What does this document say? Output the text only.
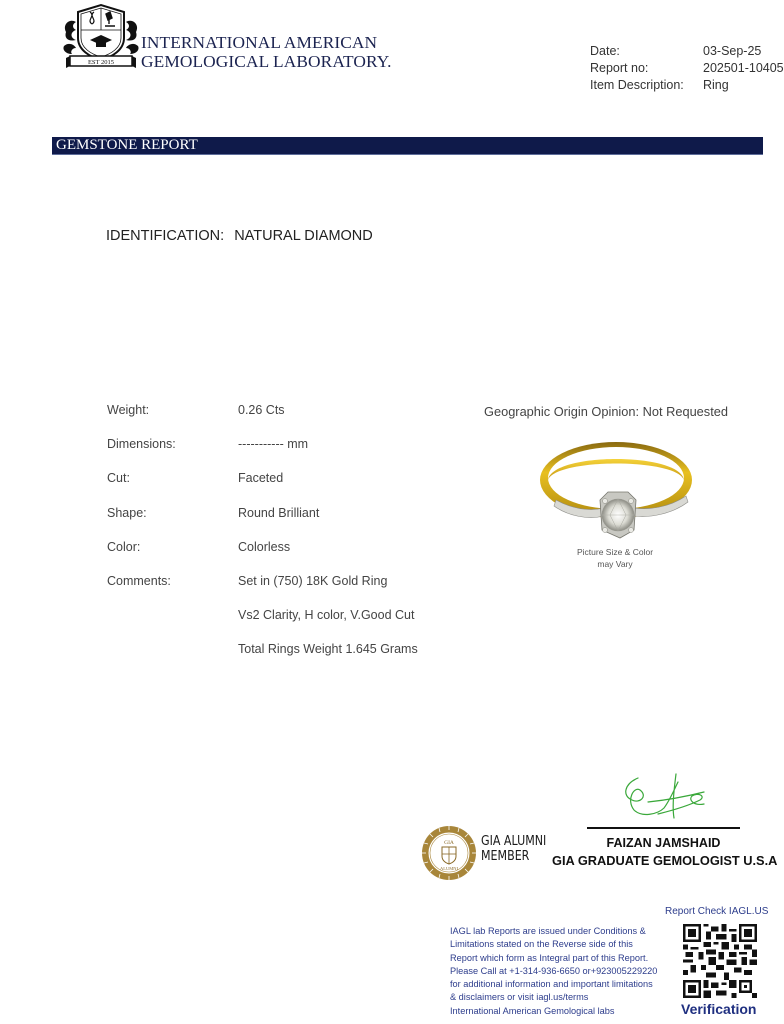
EST 2015
INTERNATIONAL AMERICAN
GEMOLOGICAL LABORATORY.
Date:	03-Sep-25
Report no:	202501-10405
Item Description:	Ring
GEMSTONE REPORT
IDENTIFICATION: NATURAL DIAMOND
Weight:	0.26 Cts
Dimensions:	----------- mm
Cut:	Faceted
Shape:	Round Brilliant
Color:	Colorless
Comments:	Set in (750) 18K Gold Ring
Vs2 Clarity, H color, V.Good Cut
Total Rings Weight 1.645 Grams
Geographic Origin Opinion: Not Requested
Picture Size & Color
may Vary
FAIZAN JAMSHAID
GIA GRADUATE GEMOLOGIST U.S.A
GIA
ALUMNI
GIA ALUMNI
MEMBER
IAGL lab Reports are issued under Conditions &
Limitations stated on the Reverse side of this
Report which form as Integral part of this Report.
Please Call at +1-314-936-6650 or+923005229220
for additional information and important limitations
& disclaimers or visit iagl.us/terms
International American Gemological labs
Report Check IAGL.US
Verification
